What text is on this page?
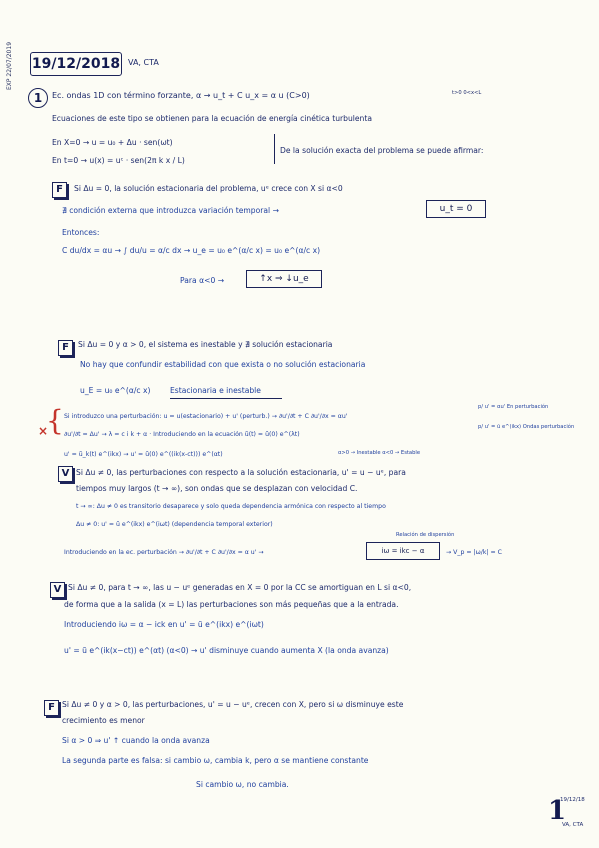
EXP 22/07/2019	19/12/2018 VA, CTA
1	Ec. ondas 1D con término forzante, α → u_t + C u_x = α u (C>0)	t>0 0<x<L
Ecuaciones de este tipo se obtienen para la ecuación de energía cinética turbulenta
En X=0 → u = u₀ + Δu · sen(ωt)
En t=0 → u(x) = uᶜ · sen(2π k x / L)
De la solución exacta del problema se puede afirmar:
F	Si Δu = 0, la solución estacionaria del problema, uᵉ crece con X si α<0
∄ condición externa que introduzca variación temporal →	u_t = 0
Entonces:
C du/dx = αu → ∫ du/u = α/c dx → u_e = u₀ e^(α/c x) = u₀ e^(α/c x)
Para α<0 →	↑x ⇒ ↓u_e
F	Si Δu = 0 y α > 0, el sistema es inestable y ∄ solución estacionaria
No hay que confundir estabilidad con que exista o no solución estacionaria
u_E = u₀ e^(α/c x)	Estacionaria e inestable
×
{ Si introduzco una perturbación: u = u(estacionario) + u' (perturb.) → ∂u'/∂t + C ∂u'/∂x = αu'
p/ u' = αu' En perturbación
∂u'/∂t = Δu' → λ = c i k + α · Introduciendo en la ecuación ũ(t) = ũ(0) e^(λt)
p/ u' = ũ e^(ikx) Ondas perturbación
u' = ũ_k(t) e^(ikx) → u' = ũ(0) e^((ik(x-ct))) e^(αt)	α>0 → Inestable α<0 → Estable
V Si Δu ≠ 0, las perturbaciones con respecto a la solución estacionaria, u' = u − uᵉ, para
tiempos muy largos (t → ∞), son ondas que se desplazan con velocidad C.
t → ∞: Δu ≠ 0 es transitorio desaparece y solo queda dependencia armónica con respecto al tiempo
Δu ≠ 0: u' = ũ e^(ikx) e^(iωt) (dependencia temporal exterior)
Relación de dispersión
Introduciendo en la ec. perturbación → ∂u'/∂t + C ∂u'/∂x = α u' →	iω = ikc − α	→ V_p = |ω/k| = C
V Si Δu ≠ 0, para t → ∞, las u − uᵉ generadas en X = 0 por la CC se amortiguan en L si α<0,
de forma que a la salida (x = L) las perturbaciones son más pequeñas que a la entrada.
Introduciendo iω = α − ick en u' = ũ e^(ikx) e^(iωt)
u' = ũ e^(ik(x−ct)) e^(αt) (α<0) → u' disminuye cuando aumenta X (la onda avanza)
F Si Δu ≠ 0 y α > 0, las perturbaciones, u' = u − uᵉ, crecen con X, pero si ω disminuye este
crecimiento es menor
Si α > 0 ⇒ u' ↑ cuando la onda avanza
La segunda parte es falsa: si cambio ω, cambia k, pero α se mantiene constante
Si cambio ω, no cambia.
1
19/12/18
VA, CTA
